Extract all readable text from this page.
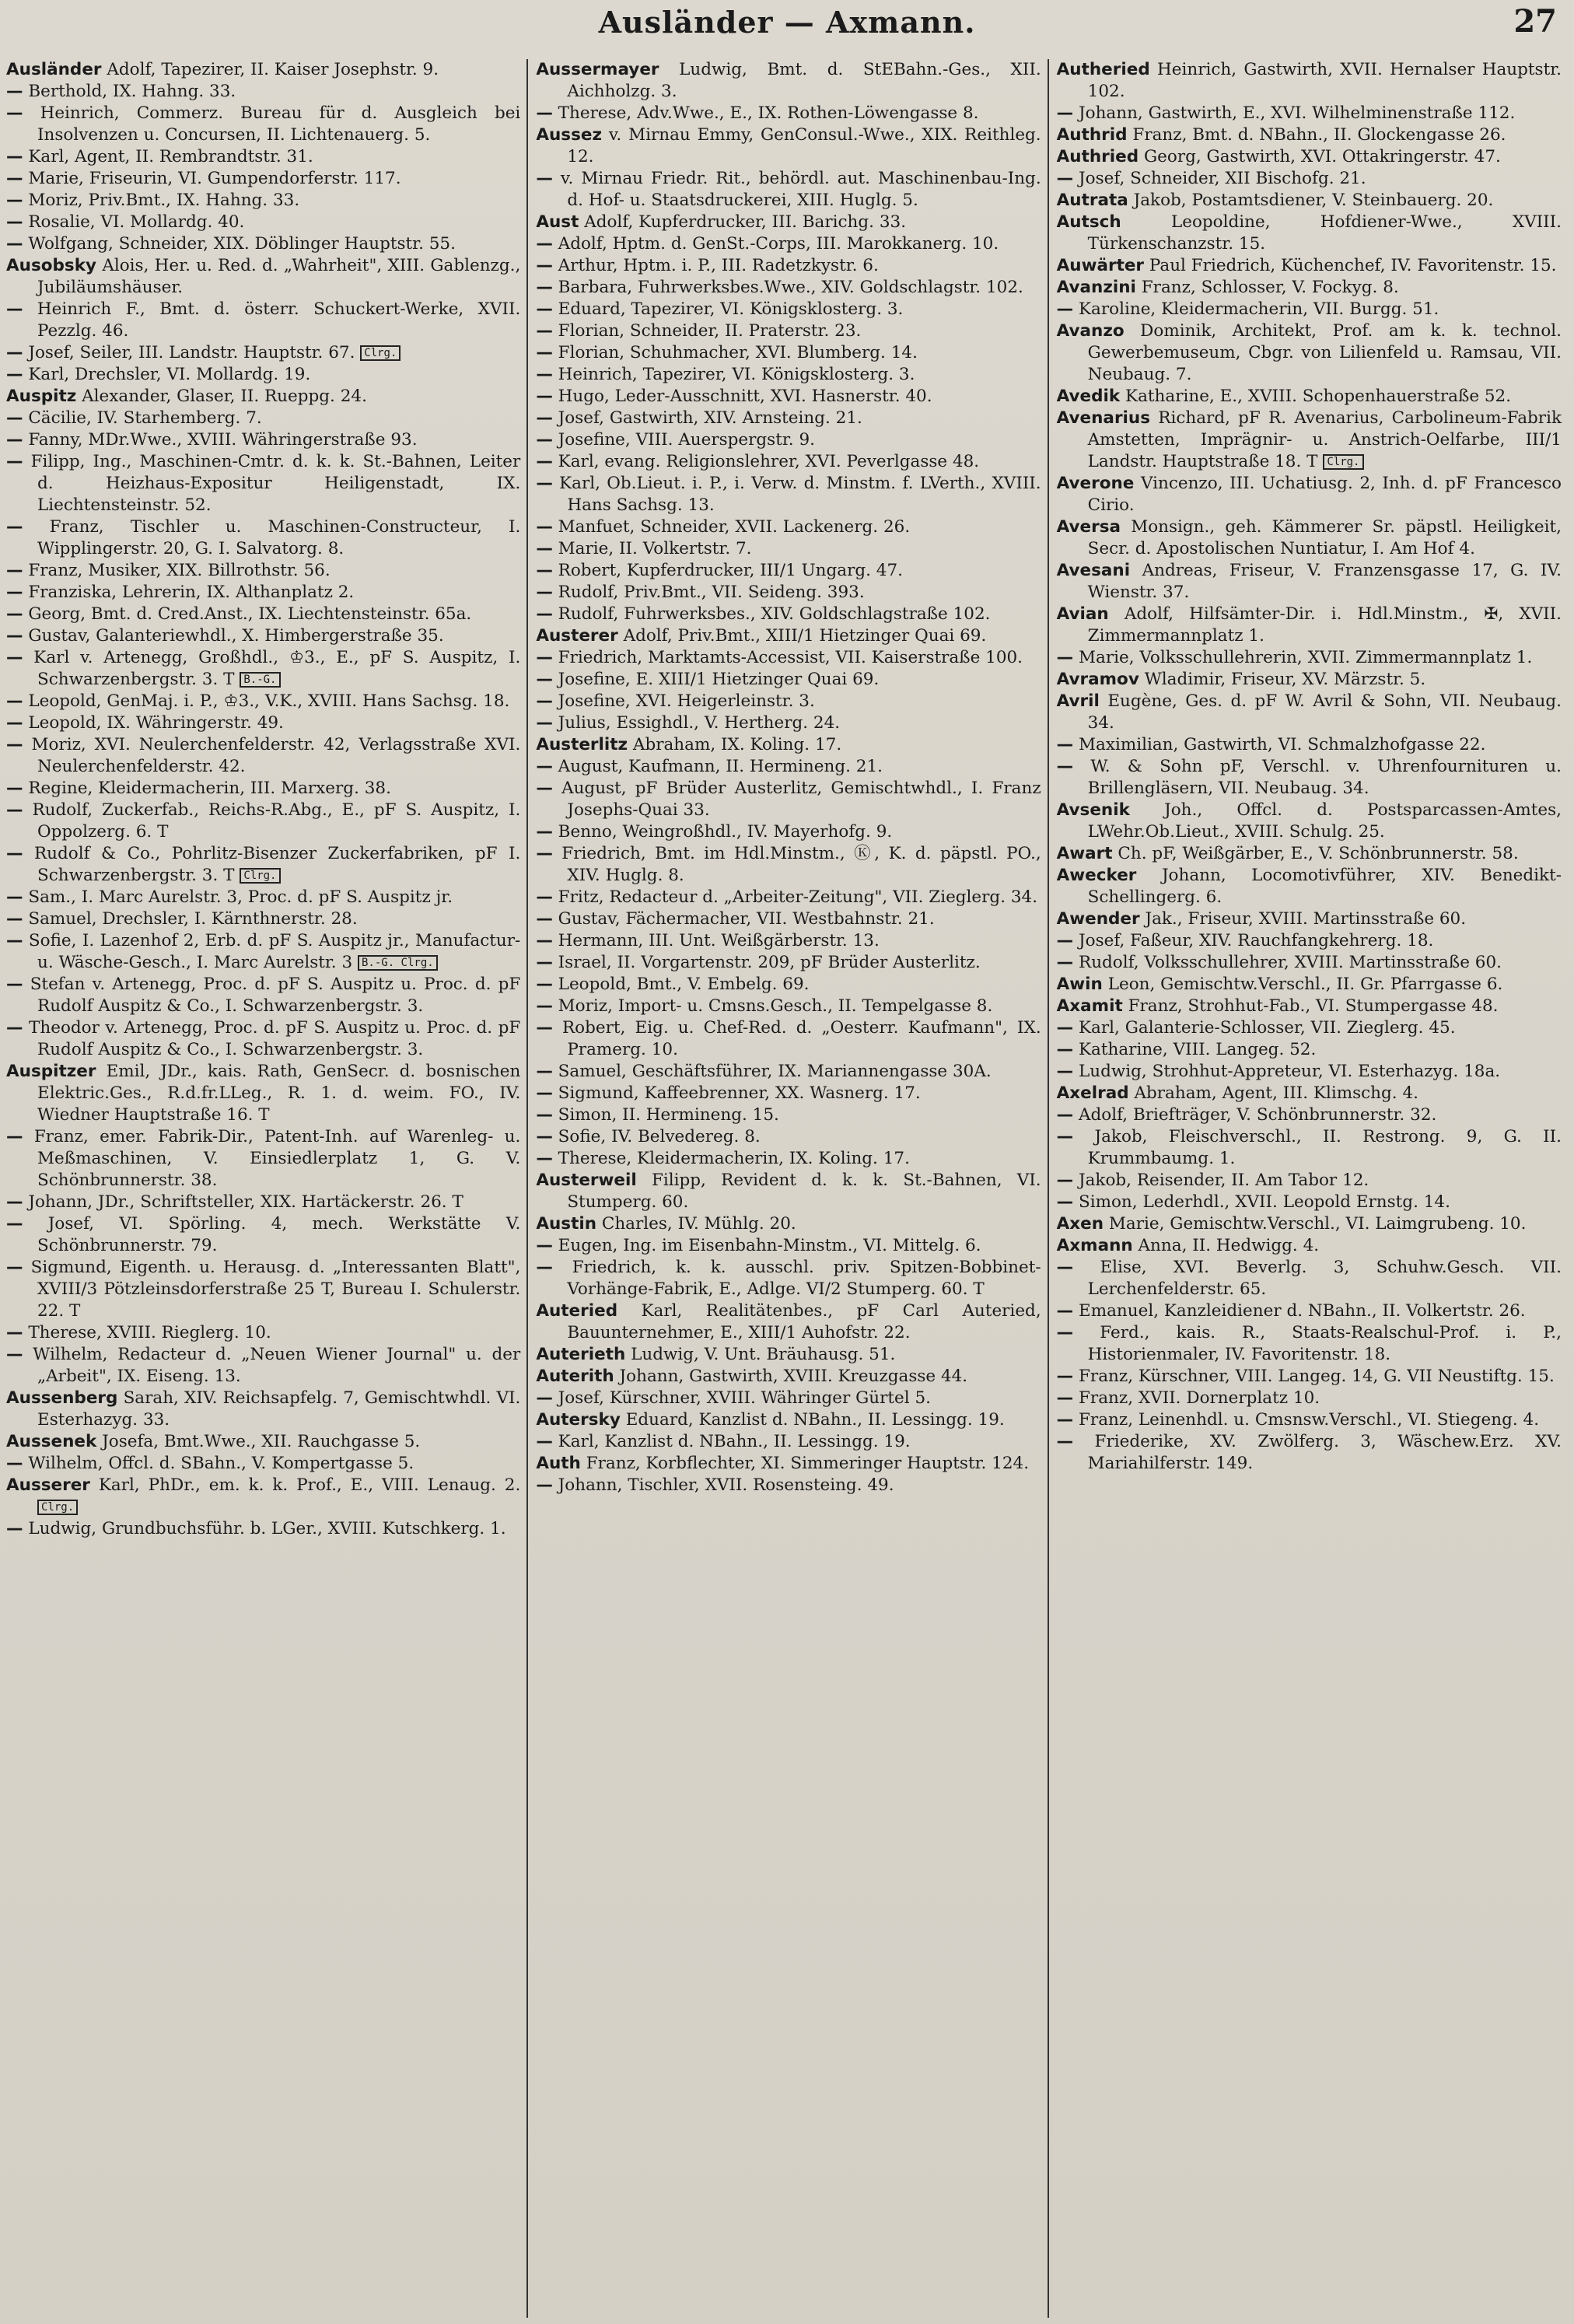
Ausländer — Axmann.	27

Ausländer Adolf, Tapezirer, II. Kaiser Josephstr. 9.

— Berthold, IX. Hahng. 33.

— Heinrich, Commerz. Bureau für d. Ausgleich bei Insolvenzen u. Concursen, II. Lichtenauerg. 5.

— Karl, Agent, II. Rembrandtstr. 31.

— Marie, Friseurin, VI. Gumpendorferstr. 117.

— Moriz, Priv.Bmt., IX. Hahng. 33.

— Rosalie, VI. Mollardg. 40.

— Wolfgang, Schneider, XIX. Döblinger Hauptstr. 55.

Ausobsky Alois, Her. u. Red. d. „Wahrheit", XIII. Gablenzg., Jubiläumshäuser.

— Heinrich F., Bmt. d. österr. Schuckert-Werke, XVII. Pezzlg. 46.

— Josef, Seiler, III. Landstr. Hauptstr. 67. Clrg.

— Karl, Drechsler, VI. Mollardg. 19.

Auspitz Alexander, Glaser, II. Rueppg. 24.

— Cäcilie, IV. Starhemberg. 7.

— Fanny, MDr.Wwe., XVIII. Währingerstraße 93.

— Filipp, Ing., Maschinen-Cmtr. d. k. k. St.-Bahnen, Leiter d. Heizhaus-Expositur Heiligenstadt, IX. Liechtensteinstr. 52.

— Franz, Tischler u. Maschinen-Constructeur, I. Wipplingerstr. 20, G. I. Salvatorg. 8.

— Franz, Musiker, XIX. Billrothstr. 56.

— Franziska, Lehrerin, IX. Althanplatz 2.

— Georg, Bmt. d. Cred.Anst., IX. Liechtensteinstr. 65a.

— Gustav, Galanteriewhdl., X. Himbergerstraße 35.

— Karl v. Artenegg, Großhdl., ♔3., E., pF S. Auspitz, I. Schwarzenbergstr. 3. T B.-G.

— Leopold, GenMaj. i. P., ♔3., V.K., XVIII. Hans Sachsg. 18.

— Leopold, IX. Währingerstr. 49.

— Moriz, XVI. Neulerchenfelderstr. 42, Verlagsstraße XVI. Neulerchenfelderstr. 42.

— Regine, Kleidermacherin, III. Marxerg. 38.

— Rudolf, Zuckerfab., Reichs-R.Abg., E., pF S. Auspitz, I. Oppolzerg. 6. T

— Rudolf & Co., Pohrlitz-Bisenzer Zuckerfabriken, pF I. Schwarzenbergstr. 3. T Clrg.

— Sam., I. Marc Aurelstr. 3, Proc. d. pF S. Auspitz jr.

— Samuel, Drechsler, I. Kärnthnerstr. 28.

— Sofie, I. Lazenhof 2, Erb. d. pF S. Auspitz jr., Manufactur- u. Wäsche-Gesch., I. Marc Aurelstr. 3 B.-G. Clrg.

— Stefan v. Artenegg, Proc. d. pF S. Auspitz u. Proc. d. pF Rudolf Auspitz & Co., I. Schwarzenbergstr. 3.

— Theodor v. Artenegg, Proc. d. pF S. Auspitz u. Proc. d. pF Rudolf Auspitz & Co., I. Schwarzenbergstr. 3.

Auspitzer Emil, JDr., kais. Rath, GenSecr. d. bosnischen Elektric.Ges., R.d.fr.LLeg., R. 1. d. weim. FO., IV. Wiedner Hauptstraße 16. T

— Franz, emer. Fabrik-Dir., Patent-Inh. auf Warenleg- u. Meßmaschinen, V. Einsiedlerplatz 1, G. V. Schönbrunnerstr. 38.

— Johann, JDr., Schriftsteller, XIX. Hartäckerstr. 26. T

— Josef, VI. Spörling. 4, mech. Werkstätte V. Schönbrunnerstr. 79.

— Sigmund, Eigenth. u. Herausg. d. „Interessanten Blatt", XVIII/3 Pötzleinsdorferstraße 25 T, Bureau I. Schulerstr. 22. T

— Therese, XVIII. Rieglerg. 10.

— Wilhelm, Redacteur d. „Neuen Wiener Journal" u. der „Arbeit", IX. Eiseng. 13.

Aussenberg Sarah, XIV. Reichsapfelg. 7, Gemischtwhdl. VI. Esterhazyg. 33.

Aussenek Josefa, Bmt.Wwe., XII. Rauchgasse 5.

— Wilhelm, Offcl. d. SBahn., V. Kompertgasse 5.

Ausserer Karl, PhDr., em. k. k. Prof., E., VIII. Lenaug. 2. Clrg.

— Ludwig, Grundbuchsführ. b. LGer., XVIII. Kutschkerg. 1.

Aussermayer Ludwig, Bmt. d. StEBahn.-Ges., XII. Aichholzg. 3.

— Therese, Adv.Wwe., E., IX. Rothen-Löwengasse 8.

Aussez v. Mirnau Emmy, GenConsul.-Wwe., XIX. Reithleg. 12.

— v. Mirnau Friedr. Rit., behördl. aut. Maschinenbau-Ing. d. Hof- u. Staatsdruckerei, XIII. Huglg. 5.

Aust Adolf, Kupferdrucker, III. Barichg. 33.

— Adolf, Hptm. d. GenSt.-Corps, III. Marokkanerg. 10.

— Arthur, Hptm. i. P., III. Radetzkystr. 6.

— Barbara, Fuhrwerksbes.Wwe., XIV. Goldschlagstr. 102.

— Eduard, Tapezirer, VI. Königsklosterg. 3.

— Florian, Schneider, II. Praterstr. 23.

— Florian, Schuhmacher, XVI. Blumberg. 14.

— Heinrich, Tapezirer, VI. Königsklosterg. 3.

— Hugo, Leder-Ausschnitt, XVI. Hasnerstr. 40.

— Josef, Gastwirth, XIV. Arnsteing. 21.

— Josefine, VIII. Auerspergstr. 9.

— Karl, evang. Religionslehrer, XVI. Peverlgasse 48.

— Karl, Ob.Lieut. i. P., i. Verw. d. Minstm. f. LVerth., XVIII. Hans Sachsg. 13.

— Manfuet, Schneider, XVII. Lackenerg. 26.

— Marie, II. Volkertstr. 7.

— Robert, Kupferdrucker, III/1 Ungarg. 47.

— Rudolf, Priv.Bmt., VII. Seideng. 393.

— Rudolf, Fuhrwerksbes., XIV. Goldschlagstraße 102.

Austerer Adolf, Priv.Bmt., XIII/1 Hietzinger Quai 69.

— Friedrich, Marktamts-Accessist, VII. Kaiserstraße 100.

— Josefine, E. XIII/1 Hietzinger Quai 69.

— Josefine, XVI. Heigerleinstr. 3.

— Julius, Essighdl., V. Hertherg. 24.

Austerlitz Abraham, IX. Koling. 17.

— August, Kaufmann, II. Hermineng. 21.

— August, pF Brüder Austerlitz, Gemischtwhdl., I. Franz Josephs-Quai 33.

— Benno, Weingroßhdl., IV. Mayerhofg. 9.

— Friedrich, Bmt. im Hdl.Minstm., Ⓚ, K. d. päpstl. PO., XIV. Huglg. 8.

— Fritz, Redacteur d. „Arbeiter-Zeitung", VII. Zieglerg. 34.

— Gustav, Fächermacher, VII. Westbahnstr. 21.

— Hermann, III. Unt. Weißgärberstr. 13.

— Israel, II. Vorgartenstr. 209, pF Brüder Austerlitz.

— Leopold, Bmt., V. Embelg. 69.

— Moriz, Import- u. Cmsns.Gesch., II. Tempelgasse 8.

— Robert, Eig. u. Chef-Red. d. „Oesterr. Kaufmann", IX. Pramerg. 10.

— Samuel, Geschäftsführer, IX. Mariannengasse 30A.

— Sigmund, Kaffeebrenner, XX. Wasnerg. 17.

— Simon, II. Hermineng. 15.

— Sofie, IV. Belvedereg. 8.

— Therese, Kleidermacherin, IX. Koling. 17.

Austerweil Filipp, Revident d. k. k. St.-Bahnen, VI. Stumperg. 60.

Austin Charles, IV. Mühlg. 20.

— Eugen, Ing. im Eisenbahn-Minstm., VI. Mittelg. 6.

— Friedrich, k. k. ausschl. priv. Spitzen-Bobbinet-Vorhänge-Fabrik, E., Adlge. VI/2 Stumperg. 60. T

Auteried Karl, Realitätenbes., pF Carl Auteried, Bauunternehmer, E., XIII/1 Auhofstr. 22.

Auterieth Ludwig, V. Unt. Bräuhausg. 51.

Auterith Johann, Gastwirth, XVIII. Kreuzgasse 44.

— Josef, Kürschner, XVIII. Währinger Gürtel 5.

Autersky Eduard, Kanzlist d. NBahn., II. Lessingg. 19.

— Karl, Kanzlist d. NBahn., II. Lessingg. 19.

Auth Franz, Korbflechter, XI. Simmeringer Hauptstr. 124.

— Johann, Tischler, XVII. Rosensteing. 49.

Autheried Heinrich, Gastwirth, XVII. Hernalser Hauptstr. 102.

— Johann, Gastwirth, E., XVI. Wilhelminenstraße 112.

Authrid Franz, Bmt. d. NBahn., II. Glockengasse 26.

Authried Georg, Gastwirth, XVI. Ottakringerstr. 47.

— Josef, Schneider, XII Bischofg. 21.

Autrata Jakob, Postamtsdiener, V. Steinbauerg. 20.

Autsch	Leopoldine, Hofdiener-Wwe., XVIII. Türkenschanzstr. 15.

Auwärter Paul Friedrich, Küchenchef, IV. Favoritenstr. 15.

Avanzini Franz, Schlosser, V. Fockyg. 8.

— Karoline, Kleidermacherin, VII. Burgg. 51.

Avanzo Dominik, Architekt, Prof. am k. k. technol. Gewerbemuseum, Cbgr. von Lilienfeld u. Ramsau, VII. Neubaug. 7.

Avedik Katharine, E., XVIII. Schopenhauerstraße 52.

Avenarius Richard, pF R. Avenarius, Carbolineum-Fabrik Amstetten, Imprägnir- u. Anstrich-Oelfarbe, III/1 Landstr. Hauptstraße 18. T Clrg.

Averone Vincenzo, III. Uchatiusg. 2, Inh. d. pF Francesco Cirio.

Aversa Monsign., geh. Kämmerer Sr. päpstl. Heiligkeit, Secr. d. Apostolischen Nuntiatur, I. Am Hof 4.

Avesani Andreas, Friseur, V. Franzensgasse 17, G. IV. Wienstr. 37.

Avian Adolf, Hilfsämter-Dir. i. Hdl.Minstm., ✠, XVII. Zimmermannplatz 1.

— Marie, Volksschullehrerin, XVII. Zimmermannplatz 1.

Avramov Wladimir, Friseur, XV. Märzstr. 5.

Avril Eugène, Ges. d. pF W. Avril & Sohn, VII. Neubaug. 34.

— Maximilian, Gastwirth, VI. Schmalzhofgasse 22.

— W. & Sohn pF, Verschl. v. Uhrenfournituren u. Brillengläsern, VII. Neubaug. 34.

Avsenik Joh., Offcl. d. Postsparcassen-Amtes, LWehr.Ob.Lieut., XVIII. Schulg. 25.

Awart Ch. pF, Weißgärber, E., V. Schönbrunnerstr. 58.

Awecker Johann, Locomotivführer, XIV. Benedikt-Schellingerg. 6.

Awender Jak., Friseur, XVIII. Martinsstraße 60.

— Josef, Faßeur, XIV. Rauchfangkehrerg. 18.

— Rudolf, Volksschullehrer, XVIII. Martinsstraße 60.

Awin Leon, Gemischtw.Verschl., II. Gr. Pfarrgasse 6.

Axamit Franz, Strohhut-Fab., VI. Stumpergasse 48.

— Karl, Galanterie-Schlosser, VII. Zieglerg. 45.

— Katharine, VIII. Langeg. 52.

— Ludwig, Strohhut-Appreteur, VI. Esterhazyg. 18a.

Axelrad Abraham, Agent, III. Klimschg. 4.

— Adolf, Briefträger, V. Schönbrunnerstr. 32.

— Jakob, Fleischverschl., II. Restrong. 9, G. II. Krummbaumg. 1.

— Jakob, Reisender, II. Am Tabor 12.

— Simon, Lederhdl., XVII. Leopold Ernstg. 14.

Axen Marie, Gemischtw.Verschl., VI. Laimgrubeng. 10.

Axmann Anna, II. Hedwigg. 4.

— Elise, XVI. Beverlg. 3, Schuhw.Gesch. VII. Lerchenfelderstr. 65.

— Emanuel, Kanzleidiener d. NBahn., II. Volkertstr. 26.

— Ferd., kais. R., Staats-Realschul-Prof. i. P., Historienmaler, IV. Favoritenstr. 18.

— Franz, Kürschner, VIII. Langeg. 14, G. VII Neustiftg. 15.

— Franz, XVII. Dornerplatz 10.

— Franz, Leinenhdl. u. Cmsnsw.Verschl., VI. Stiegeng. 4.

— Friederike, XV. Zwölferg. 3, Wäschew.Erz. XV. Mariahilferstr. 149.
